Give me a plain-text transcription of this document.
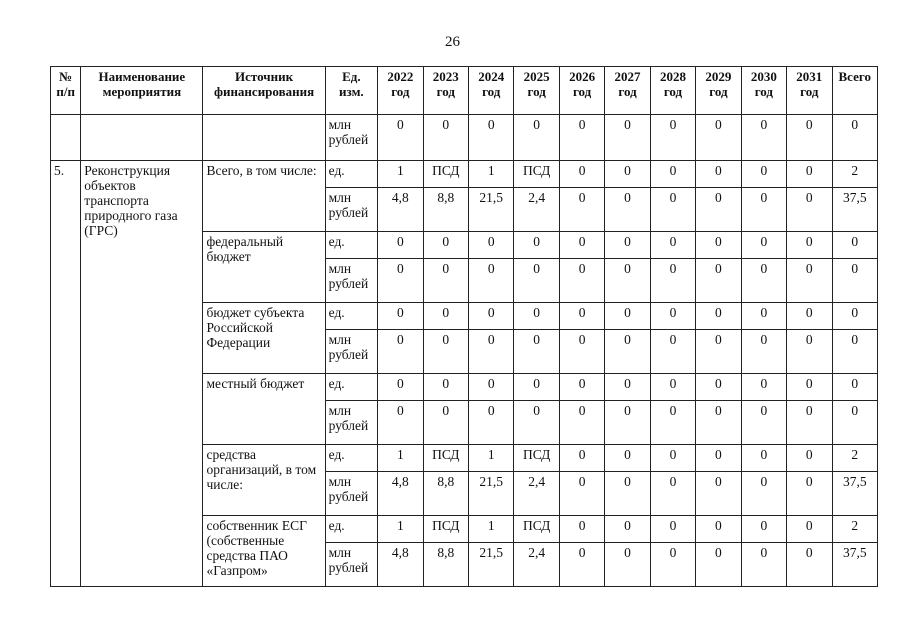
26
№ п/п	Наименование мероприятия	Источник финансирования	Ед. изм.	2022 год	2023 год	2024 год	2025 год	2026 год	2027 год	2028 год	2029 год	2030 год	2031 год	Всего
			млн рублей	0	0	0	0	0	0	0	0	0	0	0
5.	Реконструкция объектов транспорта природного газа (ГРС)	Всего, в том числе:	ед.	1	ПСД	1	ПСД	0	0	0	0	0	0	2
			млн рублей	4,8	8,8	21,5	2,4	0	0	0	0	0	0	37,5
		федеральный бюджет	ед.	0	0	0	0	0	0	0	0	0	0	0
			млн рублей	0	0	0	0	0	0	0	0	0	0	0
		бюджет субъекта Российской Федерации	ед.	0	0	0	0	0	0	0	0	0	0	0
			млн рублей	0	0	0	0	0	0	0	0	0	0	0
		местный бюджет	ед.	0	0	0	0	0	0	0	0	0	0	0
			млн рублей	0	0	0	0	0	0	0	0	0	0	0
		средства организаций, в том числе:	ед.	1	ПСД	1	ПСД	0	0	0	0	0	0	2
			млн рублей	4,8	8,8	21,5	2,4	0	0	0	0	0	0	37,5
		собственник ЕСГ (собственные средства ПАО «Газпром»	ед.	1	ПСД	1	ПСД	0	0	0	0	0	0	2
			млн рублей	4,8	8,8	21,5	2,4	0	0	0	0	0	0	37,5
